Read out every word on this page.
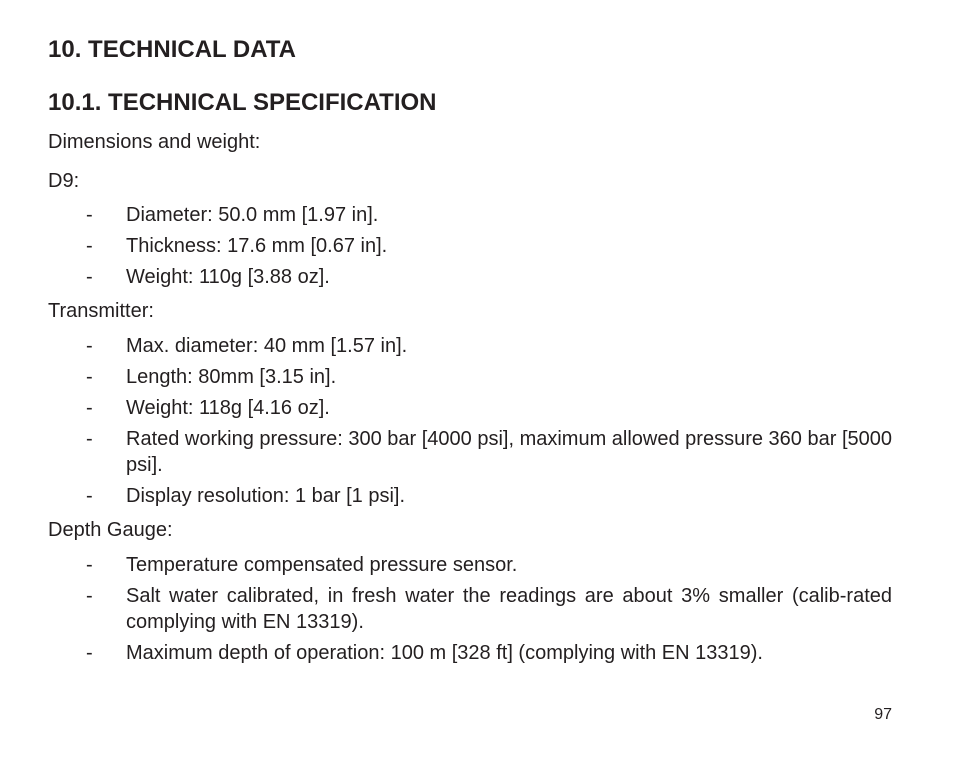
10. TECHNICAL DATA
10.1. TECHNICAL SPECIFICATION

Dimensions and weight:

D9:

- Diameter: 50.0 mm [1.97 in].
- Thickness: 17.6 mm [0.67 in].
- Weight: 110g [3.88 oz].

Transmitter:

- Max. diameter: 40 mm [1.57 in].
- Length: 80mm [3.15 in].
- Weight: 118g [4.16 oz].
- Rated working pressure: 300 bar [4000 psi], maximum allowed pressure 360 bar [5000 psi].
- Display resolution: 1 bar [1 psi].

Depth Gauge:

- Temperature compensated pressure sensor.
- Salt water calibrated, in fresh water the readings are about 3% smaller (calib-rated complying with EN 13319).
- Maximum depth of operation: 100 m [328 ft] (complying with EN 13319).
97
